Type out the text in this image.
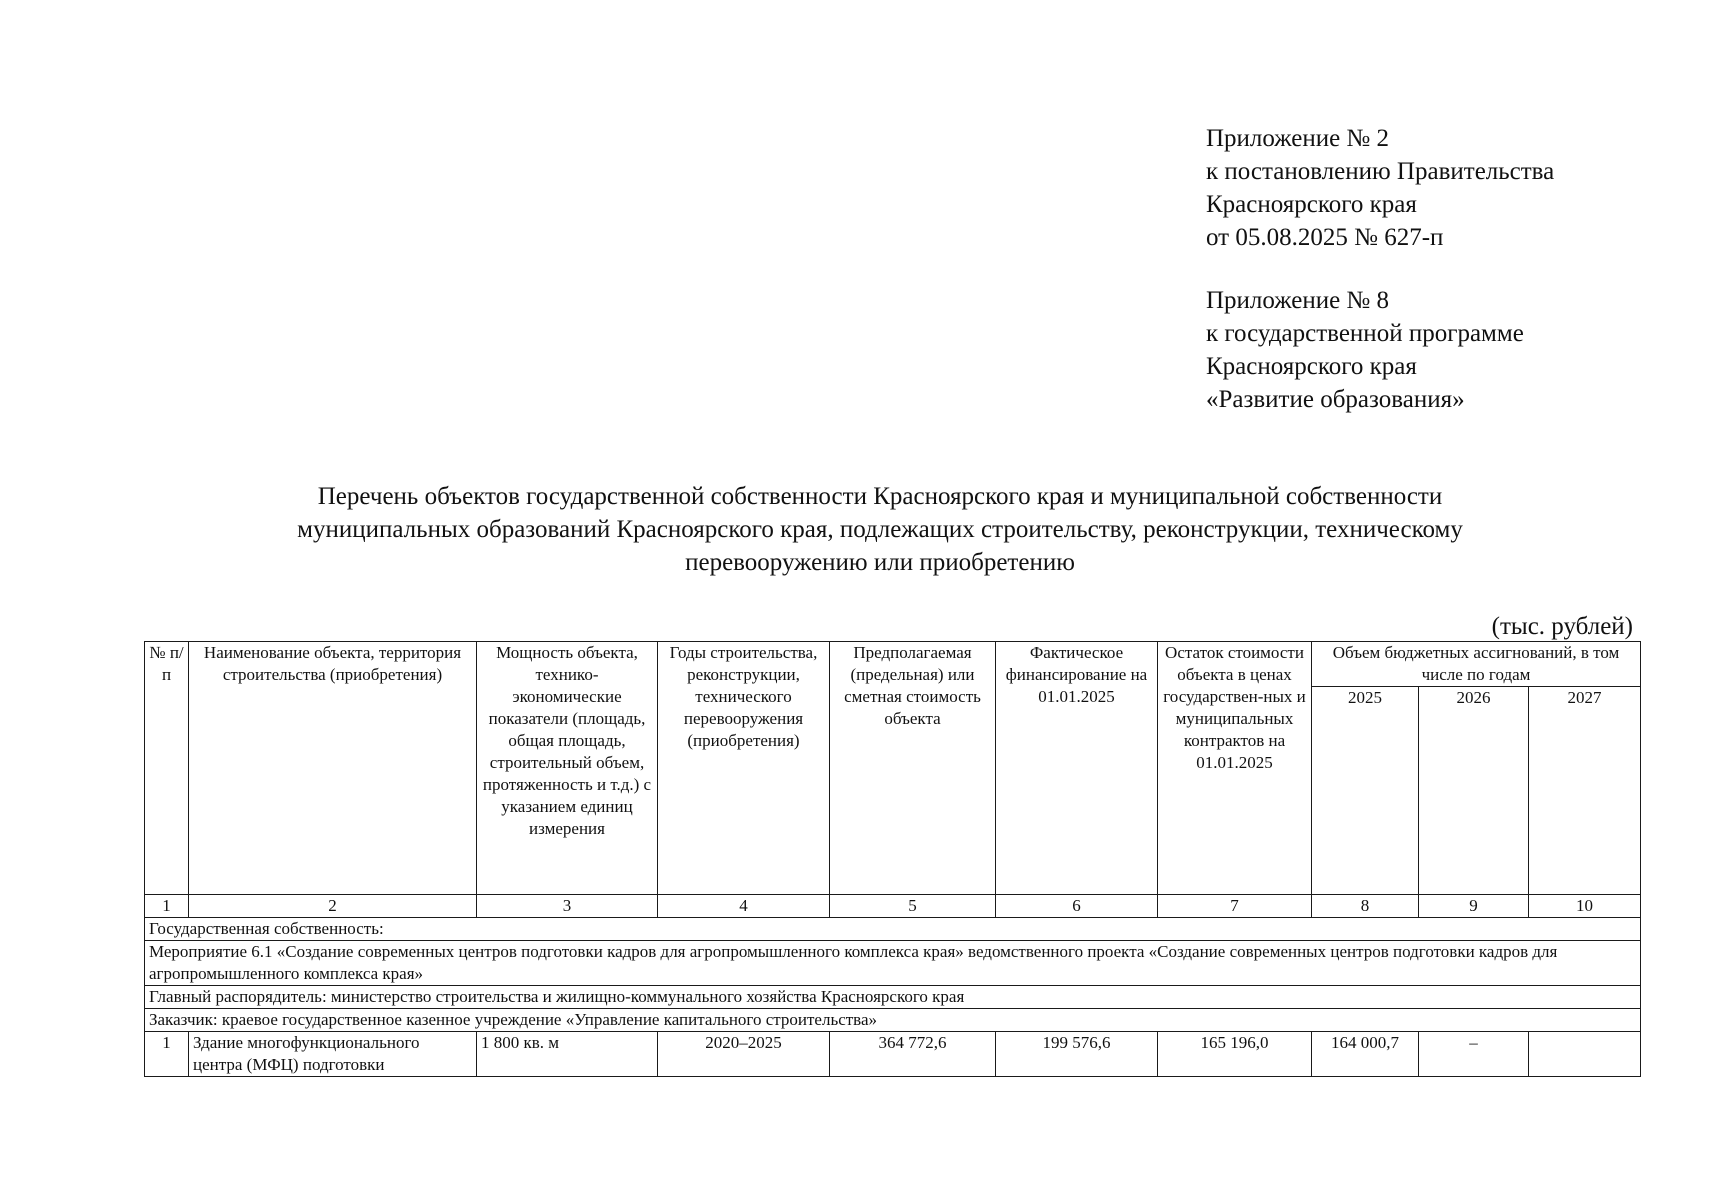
Приложение № 2
к постановлению Правительства
Красноярского края
от 05.08.2025 № 627-п
Приложение № 8
к государственной программе
Красноярского края
«Развитие образования»
Перечень объектов государственной собственности Красноярского края и муниципальной собственности
муниципальных образований Красноярского края, подлежащих строительству, реконструкции, техническому
перевооружению или приобретению
(тыс. рублей)
№ п/п	Наименование объекта, территория строительства (приобретения)	Мощность объекта, технико-экономические показатели (площадь, общая площадь, строительный объем, протяженность и т.д.) с указанием единиц измерения	Годы строительства, реконструкции, технического перевооружения (приобретения)	Предполагаемая (предельная) или сметная стоимость объекта	Фактическое финансирование на 01.01.2025	Остаток стоимости объекта в ценах государствен-ных и муниципальных контрактов на 01.01.2025	Объем бюджетных ассигнований, в том числе по годам		
							2025	2026	2027
1	2	3	4	5	6	7	8	9	10
Государственная собственность:									
Мероприятие 6.1 «Создание современных центров подготовки кадров для агропромышленного комплекса края» ведомственного проекта «Создание современных центров подготовки кадров для агропромышленного комплекса края»									
Главный распорядитель: министерство строительства и жилищно-коммунального хозяйства Красноярского края									
Заказчик: краевое государственное казенное учреждение «Управление капитального строительства»									
1	Здание многофункционального центра (МФЦ) подготовки	1 800 кв. м	2020–2025	364 772,6	199 576,6	165 196,0	164 000,7	–	
